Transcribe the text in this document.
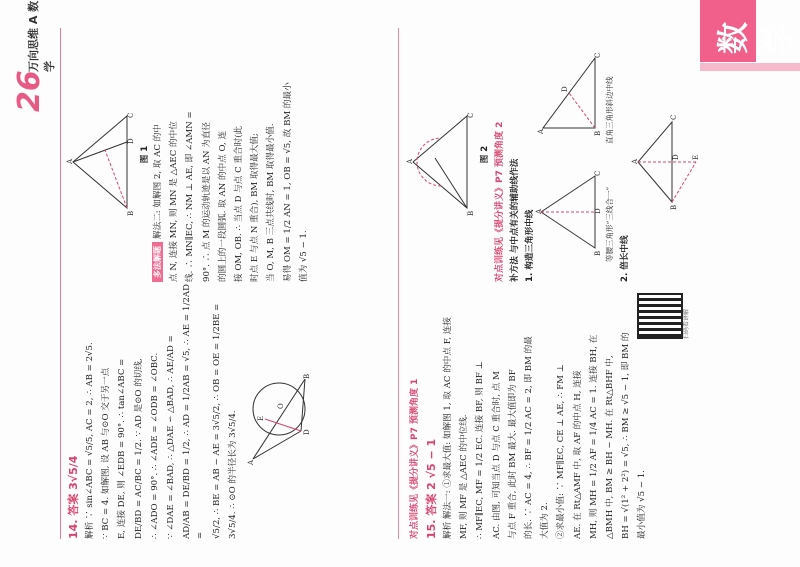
26
万向思维 A 数学
数学
14. 答案 3√5/4 解析 ∵ sin∠ABC = √5/5, AC = 2, ∴ AB = 2√5. ∵ BC = 4. 如解图, 设 AB 与⊙O 交于另一点 E, 连接 DE, 则 ∠EDB = 90°. ∴ tan∠ABC = DE/BD = AC/BC = 1/2. ∵ AD 是⊙O 的切线, ∴ ∠ADO = 90°. ∴ ∠ADE = ∠ODB = ∠OBC. ∵ ∠DAE = ∠BAD, ∴ △DAE ∽ △BAD, ∴ AE/AD = AD/AB = DE/BD = 1/2, ∴ AD = 1/2AB = √5, ∴ AE = 1/2AD = √5/2, ∴ BE = AB − AE = 3√5/2, ∴ OB = OE = 1/2BE = 3√5/4. ∴ ⊙O 的半径长为 3√5/4.	A
D
B
E
O	对点训练见《提分讲义》P7 预测角度 1 15. 答案 2 √5 − 1 解析 解法一: ①求最大值: 如解图 1, 取 AC 的中点 F, 连接 MF, 则 MF 是 △AEC 的中位线. ∴ MF∥EC, MF = 1/2 EC. 连接 BF, 则 BF ⊥ AC. 由图, 可知当点 D 与点 C 重合时, 点 M 与点 F 重合, 此时 BM 最大. 最大值即为 BF 的长. ∵ AC = 4, ∴ BF = 1/2 AC = 2, 即 BM 的最 大值为 2. ②求最小值: ∵ MF∥EC, CE ⊥ AE, ∴ FM ⊥ AE. 在 Rt△AMF 中, 取 AF 的中点 H, 连接 MH, 则 MH = 1/2 AF = 1/4 AC = 1. 连接 BH, 在 △BMH 中, BM ≥ BH − MH. 在 Rt△BHF 中, BH = √(1² + 2²) = √5, ∴ BM ≥ √5 − 1, 即 BM 的 最小值为 √5 − 1.

扫码看讲解
A
B
C
D
图 1

多法解题解法二: 如解图 2, 取 AC 的中 点 N, 连接 MN, 则 MN 是 △AEC 的中位 线. ∴ MN∥EC, ∴ NM ⊥ AE, 即 ∠AMN = 90°. ∴ 点 M 的运动轨迹是以 AN 为直径 的圆上的一段圆弧. 取 AN 的中点 O, 连 接 OM, OB. ∴ 当点 D 与点 C 重合时(此 时点 E 与点 N 重合), BM 取得最大值; 当 O, M, B 三点共线时, BM 取得最小值. 易得 OM = 1/2 AN = 1, OB = √5, 故 BM 的最小 值为 √5 − 1.

A
B
C
图 2 对点训练见《提分讲义》P7 预测角度 2 补方法 与中点有关的辅助线作法 1. 构造三角形中线 A
B
C
D
A	B
C
D
等腰三角形“三线合一”
直角三角形斜边中线
2. 倍长中线
A
B
C
D E
